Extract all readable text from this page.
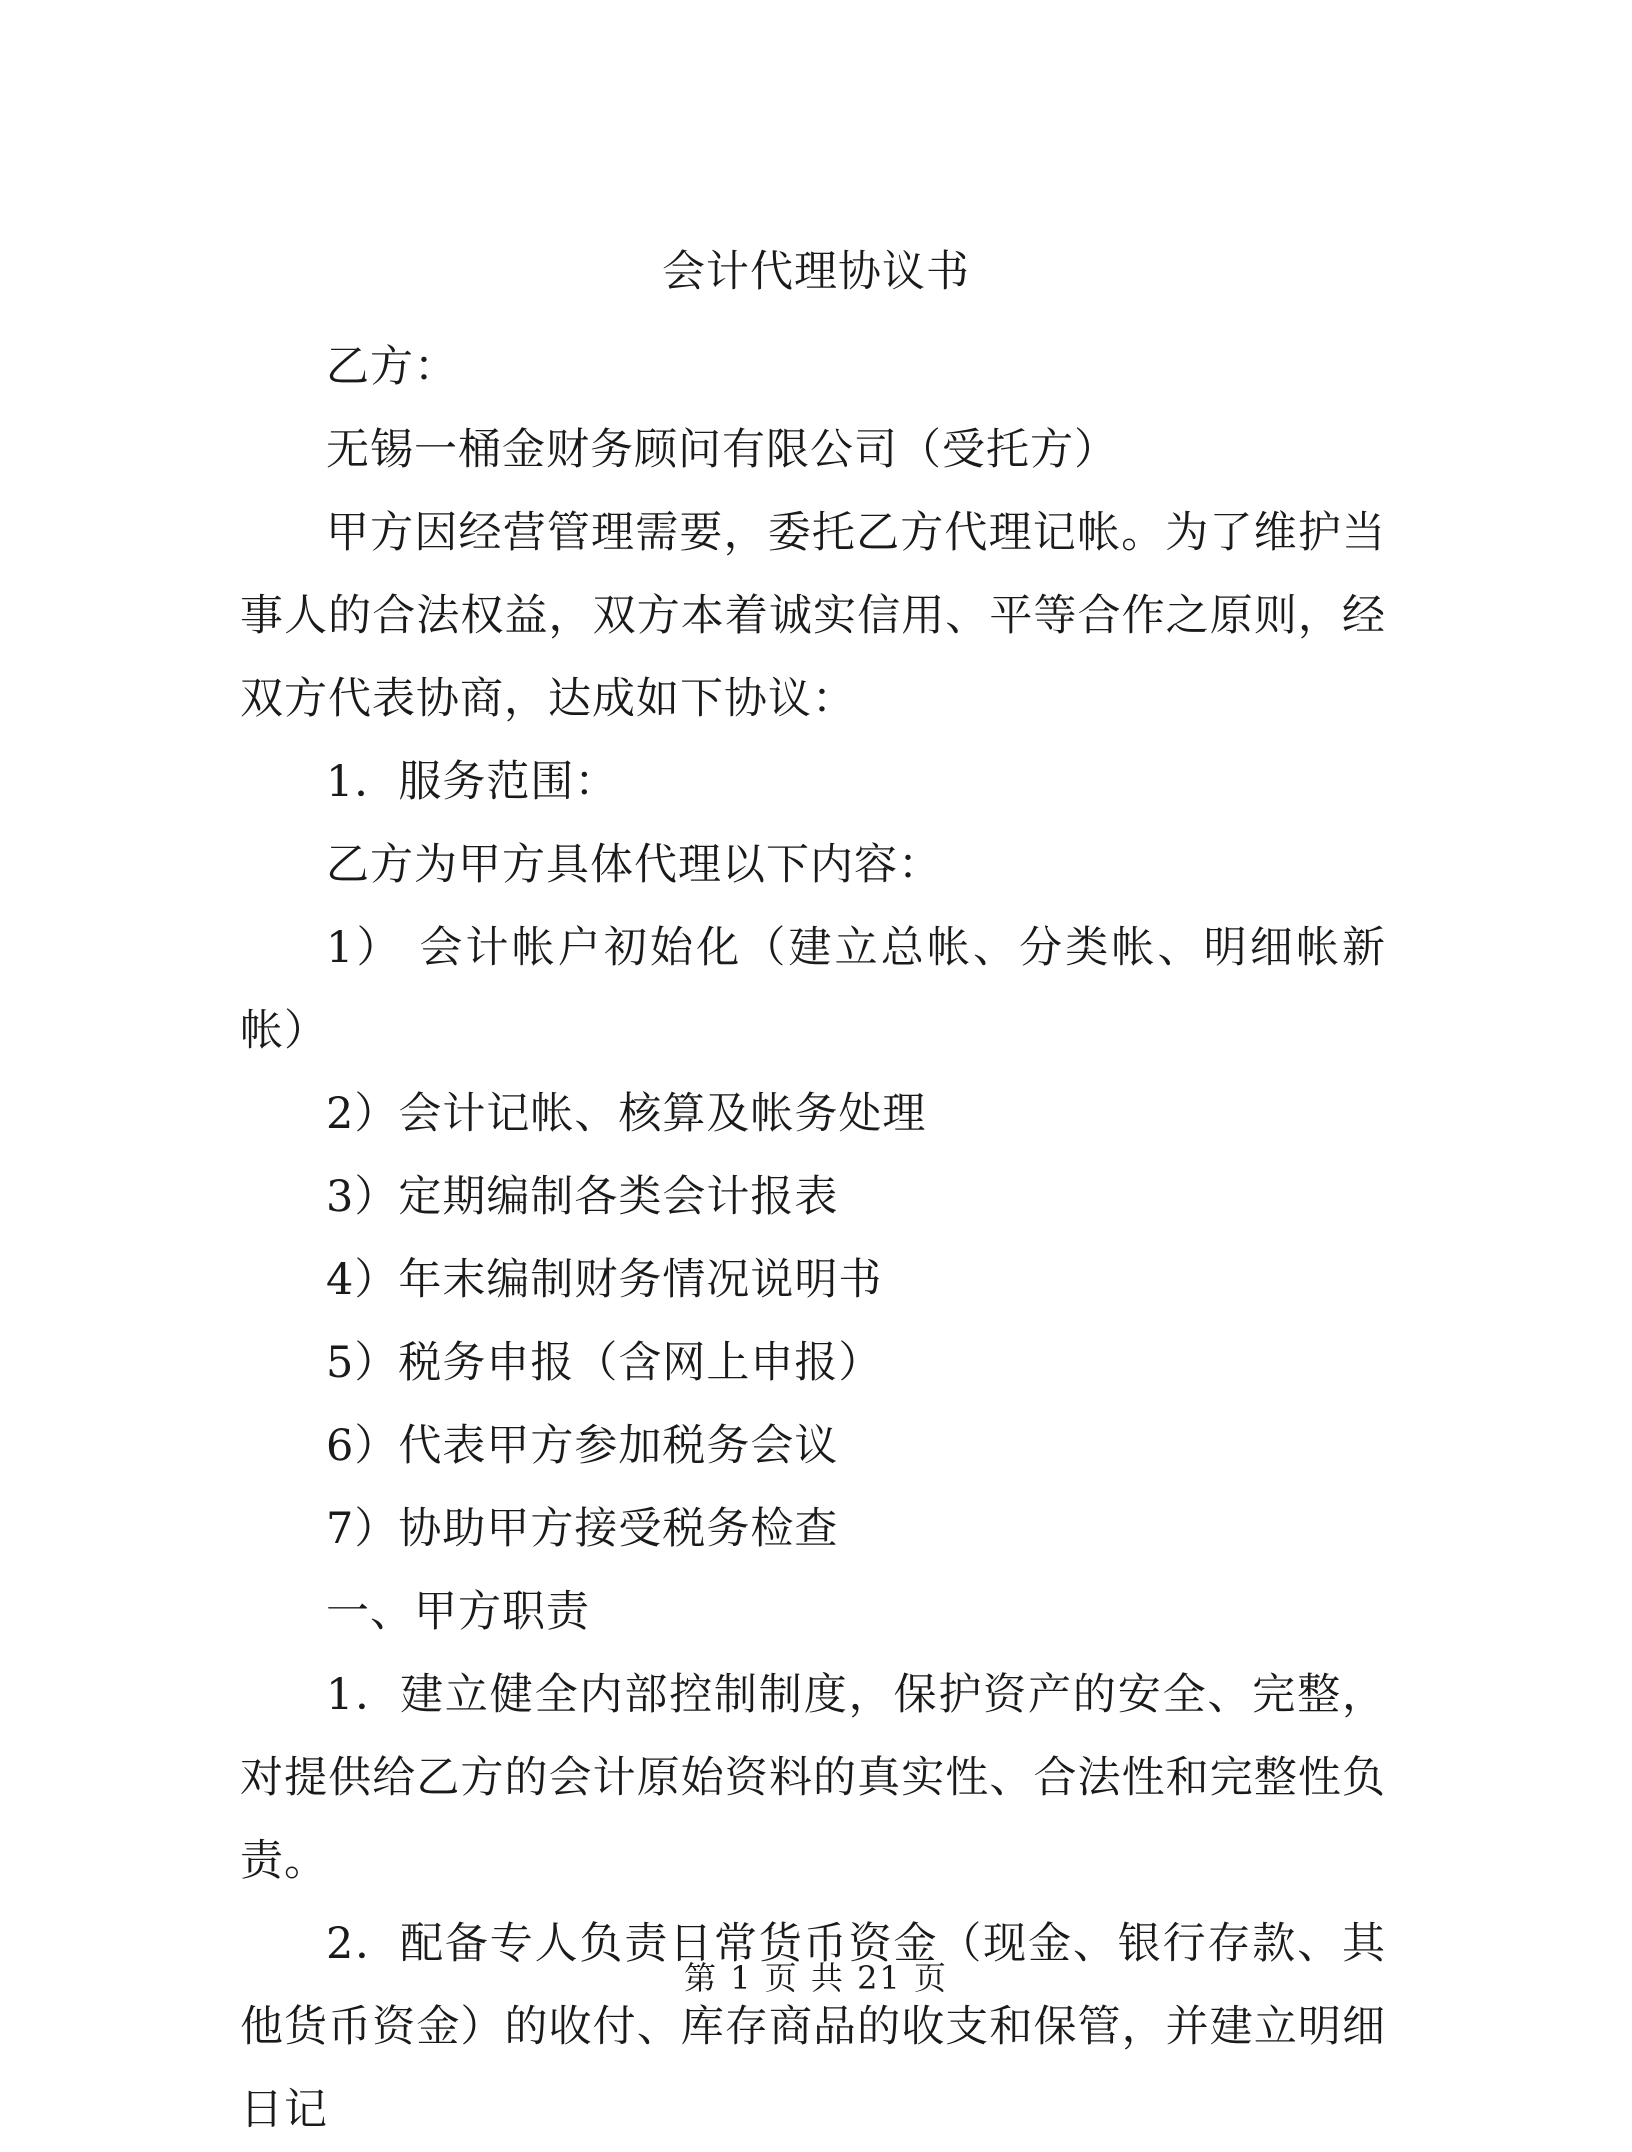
会计代理协议书

乙方：

无锡一桶金财务顾问有限公司（受托方）

甲方因经营管理需要，委托乙方代理记帐。为了维护当事人的合法权益，双方本着诚实信用、平等合作之原则，经双方代表协商，达成如下协议：

1．服务范围：

乙方为甲方具体代理以下内容：

1） 会计帐户初始化（建立总帐、分类帐、明细帐新帐）

2）会计记帐、核算及帐务处理

3）定期编制各类会计报表

4）年末编制财务情况说明书

5）税务申报（含网上申报）

6）代表甲方参加税务会议

7）协助甲方接受税务检查

一、甲方职责

1．建立健全内部控制制度，保护资产的安全、完整，对提供给乙方的会计原始资料的真实性、合法性和完整性负责。

2．配备专人负责日常货币资金（现金、银行存款、其他货币资金）的收付、库存商品的收支和保管，并建立明细日记

第 1 页 共 21 页
